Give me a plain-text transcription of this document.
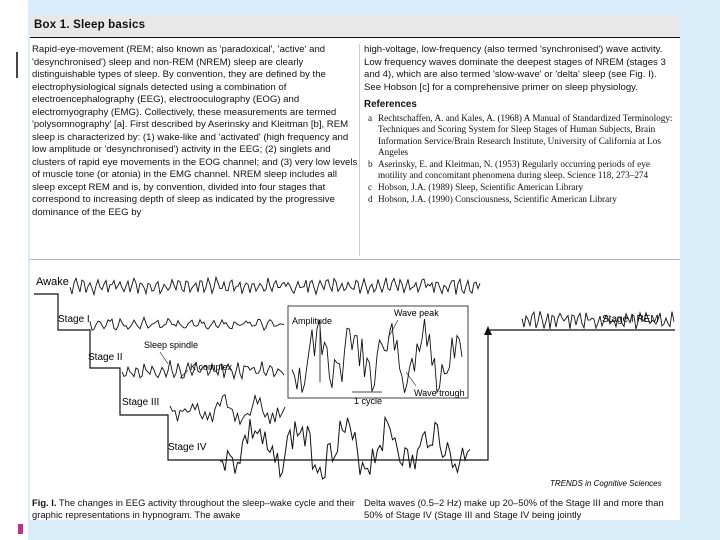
Box 1. Sleep basics
Rapid-eye-movement (REM; also known as 'paradoxical', 'active' and 'desynchronised') sleep and non-REM (NREM) sleep are clearly distinguishable types of sleep. By convention, they are defined by the electrophysiological signals detected using a combination of electroencephalography (EEG), electrooculography (EOG) and electromyography (EMG). Collectively, these measurements are termed 'polysomnography' [a]. First described by Aserinsky and Kleitman [b], REM sleep is characterized by: (1) wake-like and 'activated' (high frequency and low amplitude or 'desynchronised') activity in the EEG; (2) singlets and clusters of rapid eye movements in the EOG channel; and (3) very low levels of muscle tone (or atonia) in the EMG channel. NREM sleep includes all sleep except REM and is, by convention, divided into four stages that correspond to increasing depth of sleep as indicated by the progressive dominance of the EEG by

high-voltage, low-frequency (also termed 'synchronised') wave activity. Low frequency waves dominate the deepest stages of NREM (stages 3 and 4), which are also termed 'slow-wave' or 'delta' sleep (see Fig. I). See Hobson [c] for a comprehensive primer on sleep physiology.

References
a Rechtschaffen, A. and Kales, A. (1968) A Manual of Standardized Terminology: Techniques and Scoring System for Sleep Stages of Human Subjects, Brain Information Service/Brain Research Institute, University of California at Los Angeles
b Aserinsky, E. and Kleitman, N. (1953) Regularly occurring periods of eye motility and concomitant phenomena during sleep. Science 118, 273–274
c Hobson, J.A. (1989) Sleep, Scientific American Library
d Hobson, J.A. (1990) Consciousness, Scientific American Library
Awake
Stage I
Stage II
Stage III
Stage IV
Stage I REM
Sleep spindle
K complex
Amplitude
Wave peak
Wave trough
1 cycle
TRENDS in Cognitive Sciences
Fig. I. The changes in EEG activity throughout the sleep–wake cycle and their graphic representations in hypnogram. The awake
Delta waves (0.5–2 Hz) make up 20–50% of the Stage III and more than 50% of Stage IV (Stage III and Stage IV being jointly
